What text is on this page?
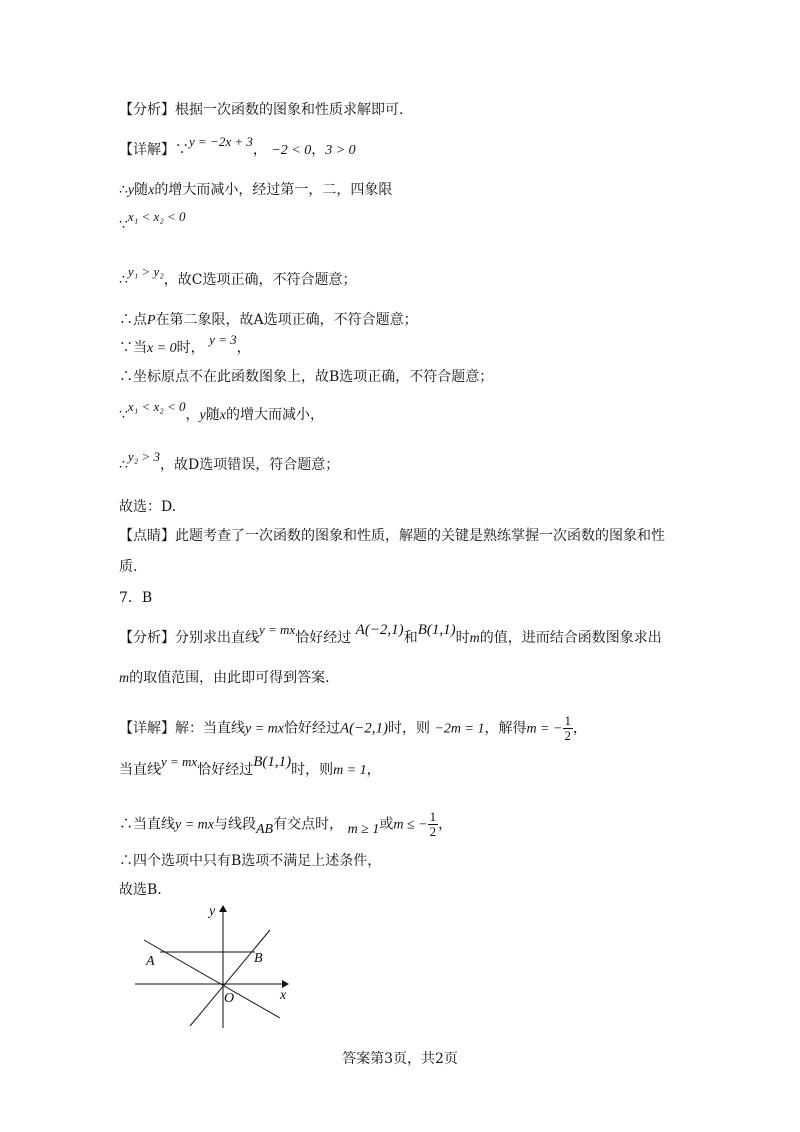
【分析】根据一次函数的图象和性质求解即可.
【详解】∵y = −2x + 3， −2 < 0，3 > 0
∴y随x的增大而减小，经过第一，二，四象限
∵x₁ < x₂ < 0
∴y₁ > y₂，故C选项正确，不符合题意；
∴点P在第二象限，故A选项正确，不符合题意；
∵当x = 0时， y = 3，
∴坐标原点不在此函数图象上，故B选项正确，不符合题意；
∵x₁ < x₂ < 0，y随x的增大而减小，
∴y₂ > 3，故D选项错误，符合题意；
故选：D.
【点睛】此题考查了一次函数的图象和性质，解题的关键是熟练掌握一次函数的图象和性
质.
7．B
【分析】分别求出直线y = mx恰好经过 A(−2,1)和B(1,1)时m的值，进而结合函数图象求出
m的取值范围，由此即可得到答案.
【详解】解：当直线y = mx恰好经过A(−2,1)时，则 −2m = 1，解得m = − $\frac{1}{2}$ ，
当直线y = mx恰好经过B(1,1)时，则m = 1，
∴当直线y = mx与线段AB有交点时， m ≥ 1或m ≤ − $\frac{1}{2}$ ，
∴四个选项中只有B选项不满足上述条件，
故选B.
y
x
A	B
O
答案第3页，共2页
